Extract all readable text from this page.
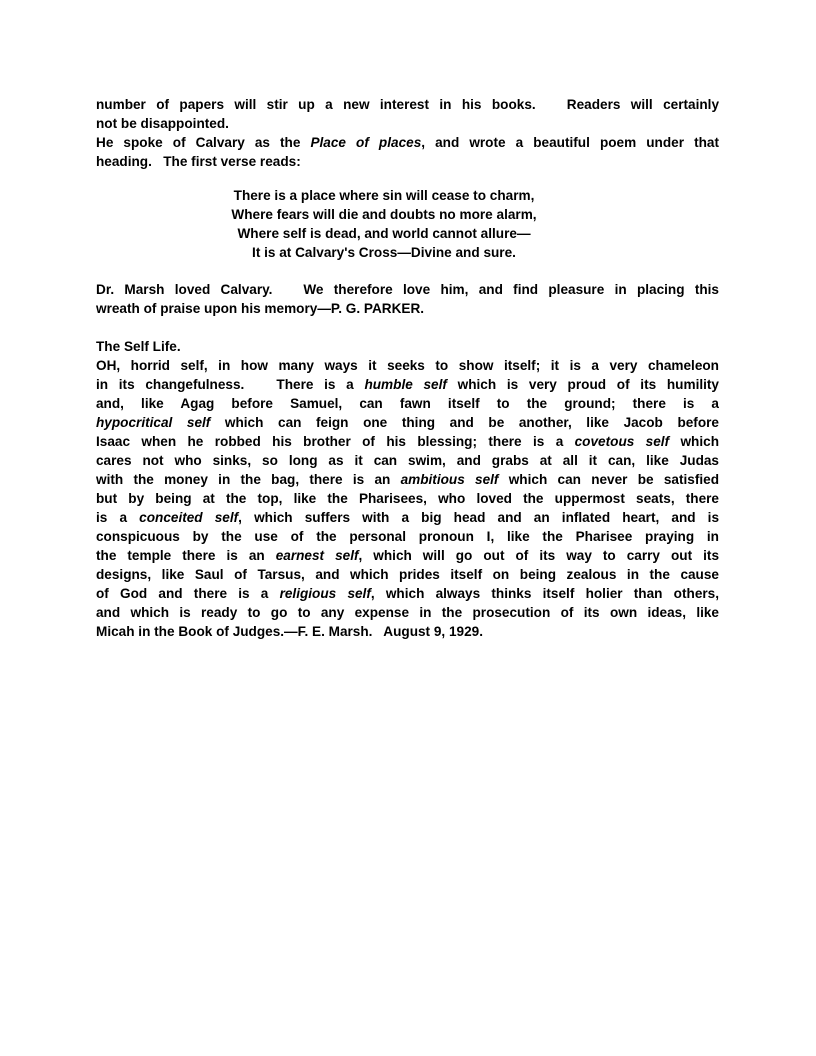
number of papers will stir up a new interest in his books.   Readers will certainly
not be disappointed.
He spoke of Calvary as the Place of places, and wrote a beautiful poem under that
heading.   The first verse reads:
There is a place where sin will cease to charm,
Where fears will die and doubts no more alarm,
Where self is dead, and world cannot allure—
It is at Calvary's Cross—Divine and sure.
Dr. Marsh loved Calvary.   We therefore love him, and find pleasure in placing this
wreath of praise upon his memory—P. G. PARKER.
The Self Life.
OH, horrid self, in how many ways it seeks to show itself; it is a very chameleon
in its changefulness.   There is a humble self which is very proud of its humility
and, like Agag before Samuel, can fawn itself to the ground; there is a
hypocritical self which can feign one thing and be another, like Jacob before
Isaac when he robbed his brother of his blessing; there is a covetous self which
cares not who sinks, so long as it can swim, and grabs at all it can, like Judas
with the money in the bag, there is an ambitious self which can never be satisfied
but by being at the top, like the Pharisees, who loved the uppermost seats, there
is a conceited self, which suffers with a big head and an inflated heart, and is
conspicuous by the use of the personal pronoun I, like the Pharisee praying in
the temple there is an earnest self, which will go out of its way to carry out its
designs, like Saul of Tarsus, and which prides itself on being zealous in the cause
of God and there is a religious self, which always thinks itself holier than others,
and which is ready to go to any expense in the prosecution of its own ideas, like
Micah in the Book of Judges.—F. E. Marsh.   August 9, 1929.
